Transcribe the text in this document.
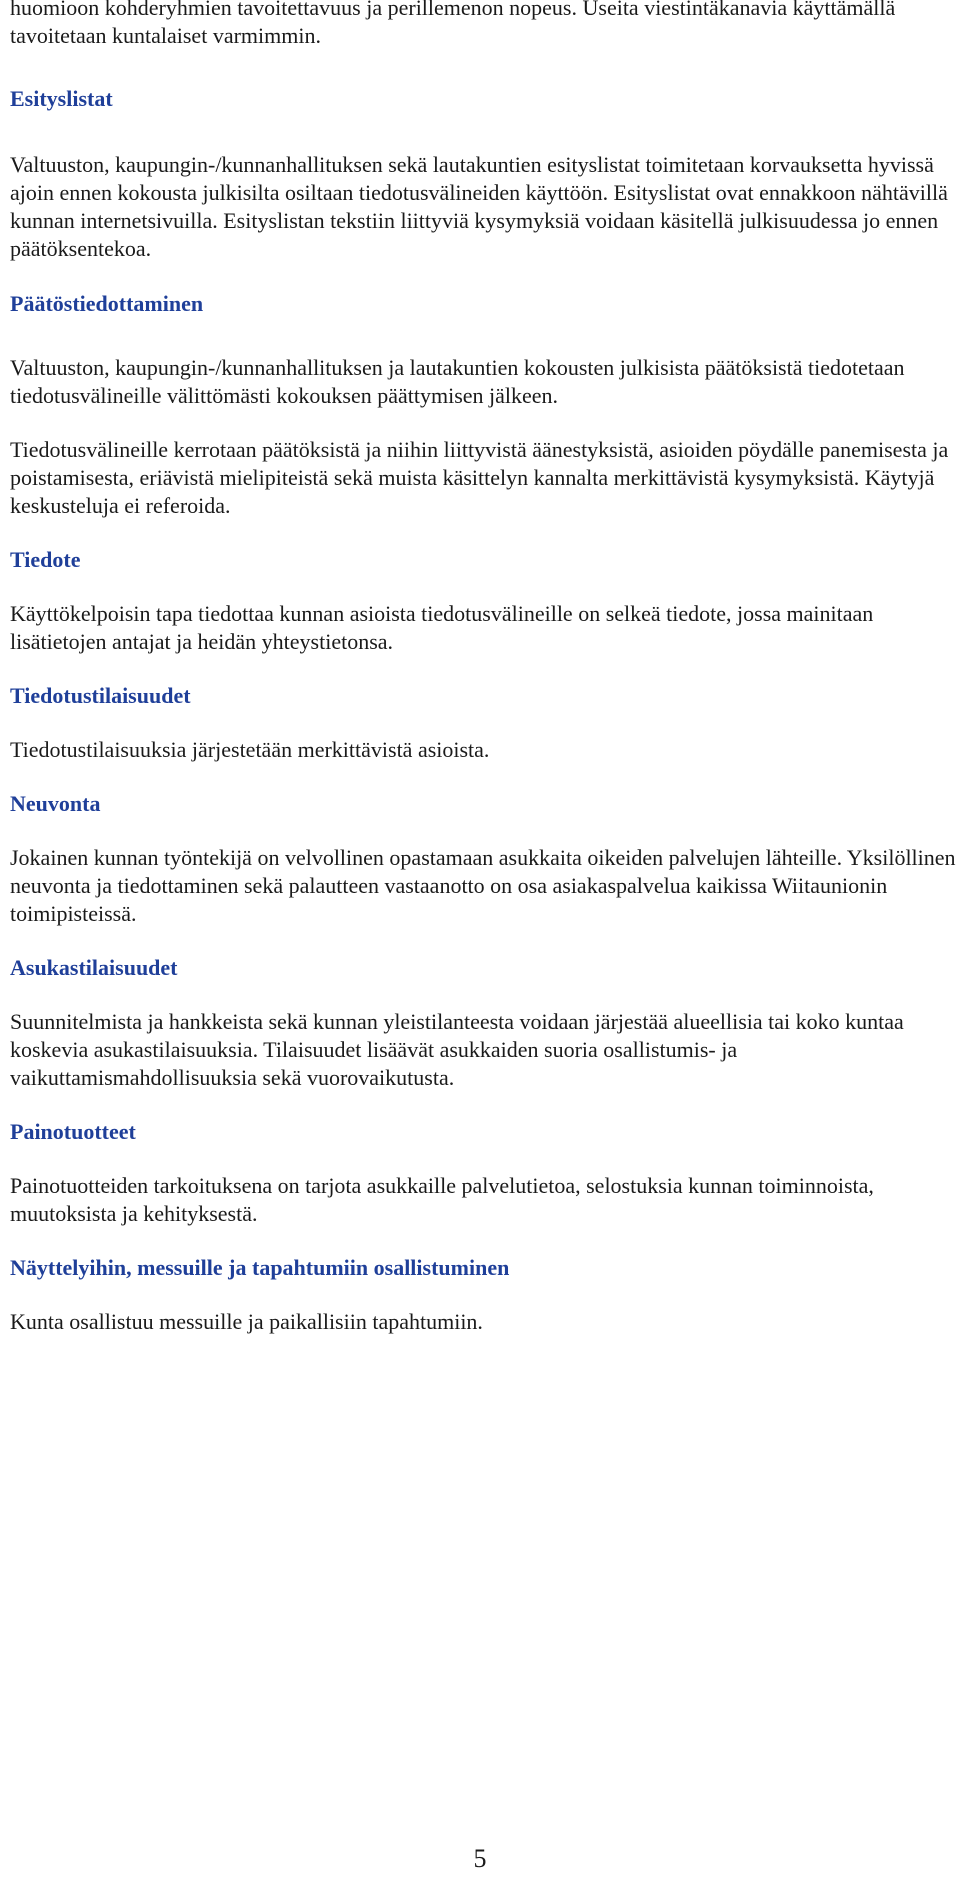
huomioon kohderyhmien tavoitettavuus ja perillemenon nopeus. Useita viestintäkanavia käyttämällä tavoitetaan kuntalaiset varmimmin.

Esityslistat

Valtuuston, kaupungin-/kunnanhallituksen sekä lautakuntien esityslistat toimitetaan korvauksetta hyvissä ajoin ennen kokousta julkisilta osiltaan tiedotusvälineiden käyttöön. Esityslistat ovat ennakkoon nähtävillä kunnan internetsivuilla. Esityslistan tekstiin liittyviä kysymyksiä voidaan käsitellä julkisuudessa jo ennen päätöksentekoa.

Päätöstiedottaminen

Valtuuston, kaupungin-/kunnanhallituksen ja lautakuntien kokousten julkisista päätöksistä tiedotetaan tiedotusvälineille välittömästi kokouksen päättymisen jälkeen.

Tiedotusvälineille kerrotaan päätöksistä ja niihin liittyvistä äänestyksistä, asioiden pöydälle panemisesta ja poistamisesta, eriävistä mielipiteistä sekä muista käsittelyn kannalta merkittävistä kysymyksistä. Käytyjä keskusteluja ei referoida.

Tiedote

Käyttökelpoisin tapa tiedottaa kunnan asioista tiedotusvälineille on selkeä tiedote, jossa mainitaan lisätietojen antajat ja heidän yhteystietonsa.

Tiedotustilaisuudet

Tiedotustilaisuuksia järjestetään merkittävistä asioista.

Neuvonta

Jokainen kunnan työntekijä on velvollinen opastamaan asukkaita oikeiden palvelujen lähteille. Yksilöllinen neuvonta ja tiedottaminen sekä palautteen vastaanotto on osa asiakaspalvelua kaikissa Wiitaunionin toimipisteissä.

Asukastilaisuudet

Suunnitelmista ja hankkeista sekä kunnan yleistilanteesta voidaan järjestää alueellisia tai koko kuntaa koskevia asukastilaisuuksia. Tilaisuudet lisäävät asukkaiden suoria osallistumis- ja vaikuttamismahdollisuuksia sekä vuorovaikutusta.

Painotuotteet

Painotuotteiden tarkoituksena on tarjota asukkaille palvelutietoa, selostuksia kunnan toiminnoista, muutoksista ja kehityksestä.

Näyttelyihin, messuille ja tapahtumiin osallistuminen

Kunta osallistuu messuille ja paikallisiin tapahtumiin.

5
